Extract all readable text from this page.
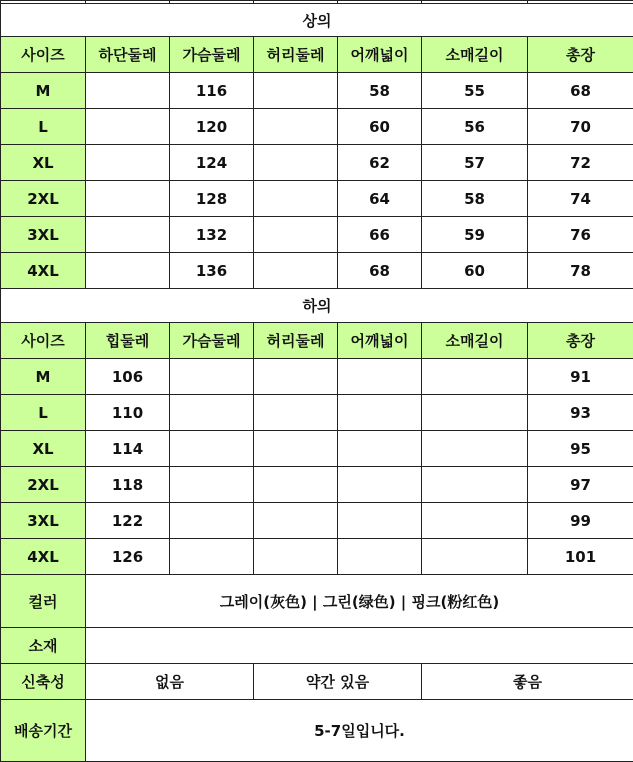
상의						
사이즈	하단둘레	가슴둘레	허리둘레	어깨넓이	소매길이	총장
M		116		58	55	68
L		120		60	56	70
XL		124		62	57	72
2XL		128		64	58	74
3XL		132		66	59	76
4XL		136		68	60	78
하의						
사이즈	힙둘레	가슴둘레	허리둘레	어깨넓이	소매길이	총장
M	106					91
L	110					93
XL	114					95
2XL	118					97
3XL	122					99
4XL	126					101
컬러	그레이(灰色) | 그린(绿色) | 핑크(粉红色)					
소재						
신축성	없음		약간 있음		좋음	
배송기간	5-7일입니다.					
